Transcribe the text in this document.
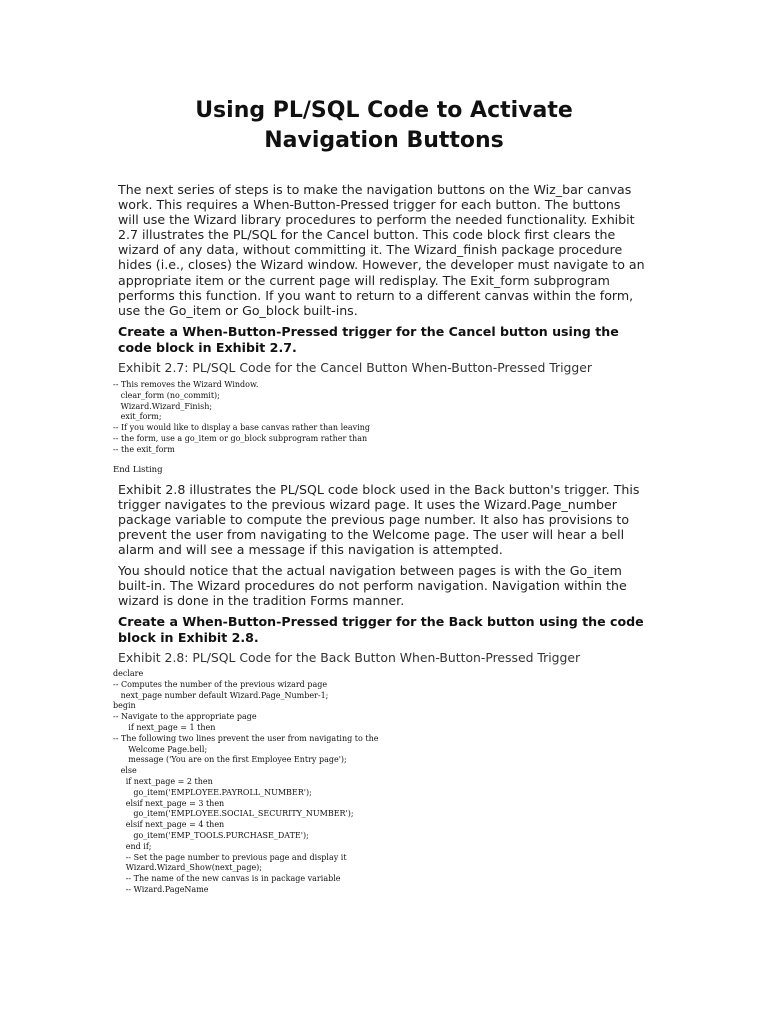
Using PL/SQL Code to Activate
Navigation Buttons

The next series of steps is to make the navigation buttons on the Wiz_bar canvas
work. This requires a When-Button-Pressed trigger for each button. The buttons
will use the Wizard library procedures to perform the needed functionality. Exhibit
2.7 illustrates the PL/SQL for the Cancel button. This code block first clears the
wizard of any data, without committing it. The Wizard_finish package procedure
hides (i.e., closes) the Wizard window. However, the developer must navigate to an
appropriate item or the current page will redisplay. The Exit_form subprogram
performs this function. If you want to return to a different canvas within the form,
use the Go_item or Go_block built-ins.

Create a When-Button-Pressed trigger for the Cancel button using the
code block in Exhibit 2.7.

Exhibit 2.7: PL/SQL Code for the Cancel Button When-Button-Pressed Trigger

-- This removes the Wizard Window.
clear_form (no_commit);
Wizard.Wizard_Finish;
exit_form;
-- If you would like to display a base canvas rather than leaving
-- the form, use a go_item or go_block subprogram rather than
-- the exit_form

End Listing

Exhibit 2.8 illustrates the PL/SQL code block used in the Back button's trigger. This
trigger navigates to the previous wizard page. It uses the Wizard.Page_number
package variable to compute the previous page number. It also has provisions to
prevent the user from navigating to the Welcome page. The user will hear a bell
alarm and will see a message if this navigation is attempted.

You should notice that the actual navigation between pages is with the Go_item
built-in. The Wizard procedures do not perform navigation. Navigation within the
wizard is done in the tradition Forms manner.

Create a When-Button-Pressed trigger for the Back button using the code
block in Exhibit 2.8.

Exhibit 2.8: PL/SQL Code for the Back Button When-Button-Pressed Trigger

declare
-- Computes the number of the previous wizard page
next_page number default Wizard.Page_Number-1;
begin
-- Navigate to the appropriate page
if next_page = 1 then
-- The following two lines prevent the user from navigating to the
Welcome Page.bell;
message ('You are on the first Employee Entry page');
else
if next_page = 2 then
go_item('EMPLOYEE.PAYROLL_NUMBER');
elsif next_page = 3 then
go_item('EMPLOYEE.SOCIAL_SECURITY_NUMBER');
elsif next_page = 4 then
go_item('EMP_TOOLS.PURCHASE_DATE');
end if;
-- Set the page number to previous page and display it
Wizard.Wizard_Show(next_page);
-- The name of the new canvas is in package variable
-- Wizard.PageName
